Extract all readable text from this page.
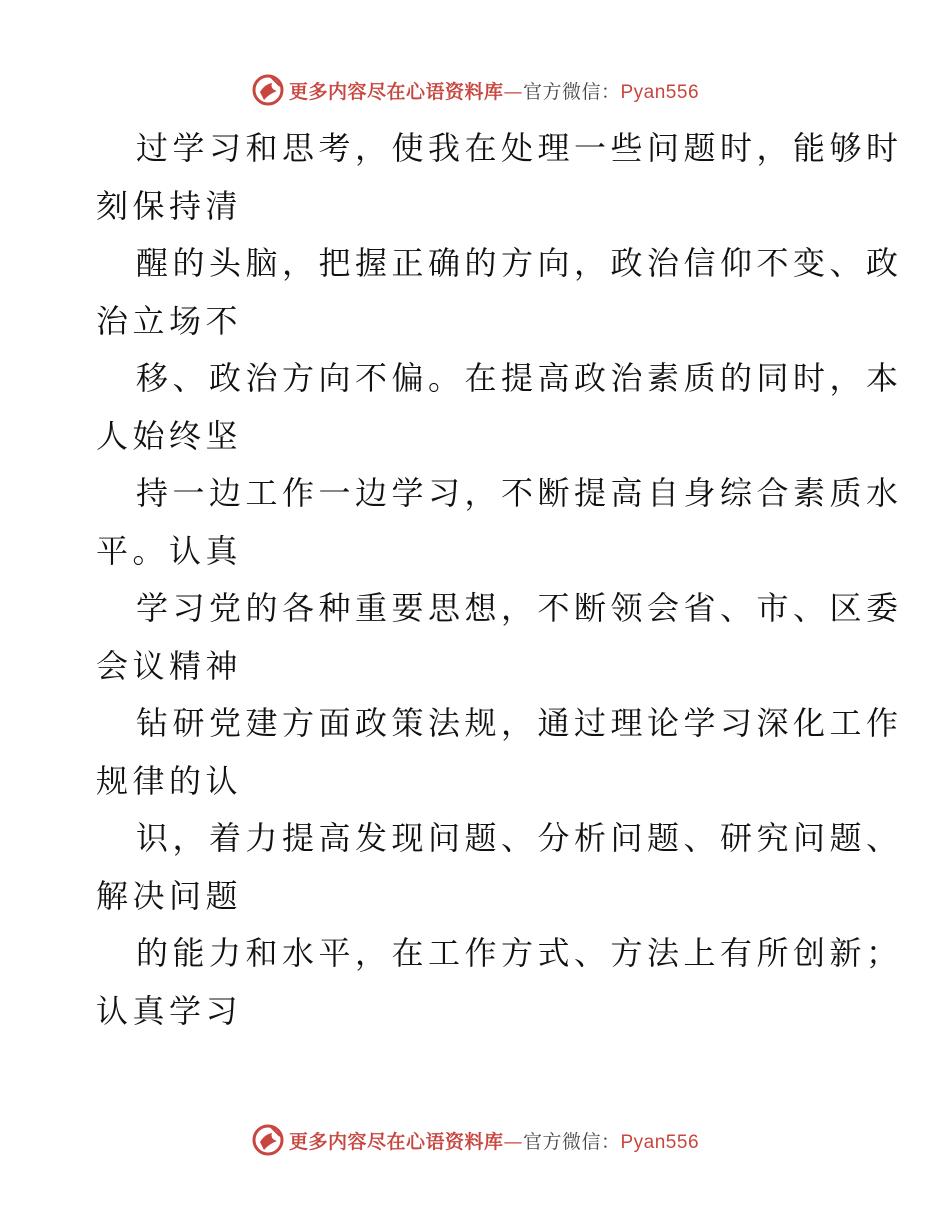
更多内容尽在心语资料库—官方微信：Pyan556

过学习和思考，使我在处理一些问题时，能够时
刻保持清

醒的头脑，把握正确的方向，政治信仰不变、政
治立场不

移、政治方向不偏。在提高政治素质的同时，本
人始终坚

持一边工作一边学习，不断提高自身综合素质水
平。认真

学习党的各种重要思想，不断领会省、市、区委
会议精神

钻研党建方面政策法规，通过理论学习深化工作
规律的认

识，着力提高发现问题、分析问题、研究问题、
解决问题

的能力和水平，在工作方式、方法上有所创新；
认真学习

更多内容尽在心语资料库—官方微信：Pyan556
